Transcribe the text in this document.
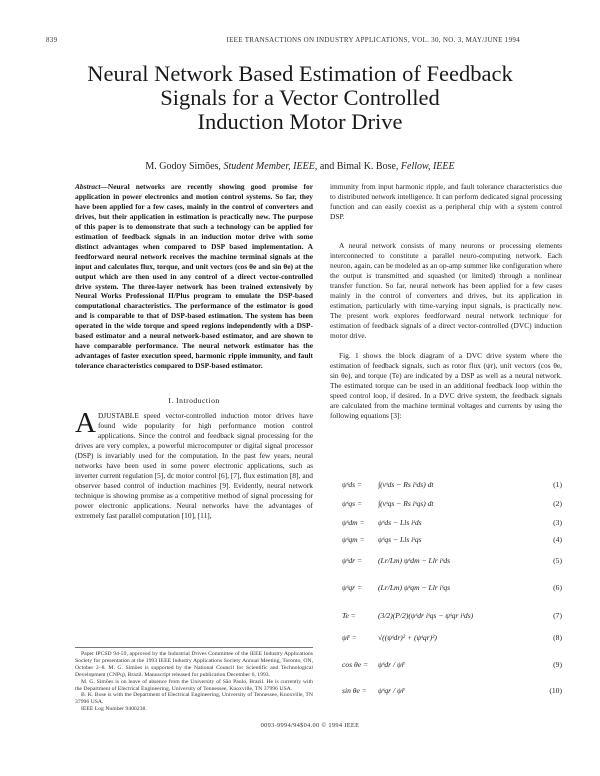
839	IEEE TRANSACTIONS ON INDUSTRY APPLICATIONS, VOL. 30, NO. 3, MAY/JUNE 1994
Neural Network Based Estimation of Feedback
Signals for a Vector Controlled
Induction Motor Drive
M. Godoy Simões, Student Member, IEEE, and Bimal K. Bose, Fellow, IEEE
Abstract—Neural networks are recently showing good promise for application in power electronics and motion control systems. So far, they have been applied for a few cases, mainly in the control of converters and drives, but their application in estimation is practically new. The purpose of this paper is to demonstrate that such a technology can be applied for estimation of feedback signals in an induction motor drive with some distinct advantages when compared to DSP based implementation. A feedforward neural network receives the machine terminal signals at the input and calculates flux, torque, and unit vectors (cos θe and sin θe) at the output which are then used in any control of a direct vector-controlled drive system. The three-layer network has been trained extensively by Neural Works Professional II/Plus program to emulate the DSP-based computational characteristics. The performance of the estimator is good and is comparable to that of DSP-based estimation. The system has been operated in the wide torque and speed regions independently with a DSP-based estimator and a neural network-based estimator, and are shown to have comparable performance. The neural network estimator has the advantages of faster execution speed, harmonic ripple immunity, and fault tolerance characteristics compared to DSP-based estimator.
I. Introduction
ADJUSTABLE speed vector-controlled induction motor drives have found wide popularity for high performance motion control applications. Since the control and feedback signal processing for the drives are very complex, a powerful microcomputer or digital signal processor (DSP) is invariably used for the computation. In the past few years, neural networks have been used in some power electronic applications, such as inverter current regulation [5], dc motor control [6], [7], flux estimation [8], and observer based control of induction machines [9]. Evidently, neural network technique is showing promise as a competitive method of signal processing for power electronic applications. Neural networks have the advantages of extremely fast parallel computation [10], [11],

Paper IPCSD 94-59, approved by the Industrial Drives Committee of the IEEE Industry Applications Society for presentation at the 1993 IEEE Industry Applications Society Annual Meeting, Toronto, ON, October 2–8. M. G. Simões is supported by the National Council for Scientific and Technological Development (CNPq), Brazil. Manuscript released for publication December 6, 1993.

M. G. Simões is on leave of absence from the University of São Paulo, Brazil. He is currently with the Department of Electrical Engineering, University of Tennessee, Knoxville, TN 37996 USA.

B. K. Bose is with the Department of Electrical Engineering, University of Tennessee, Knoxville, TN 37996 USA.

IEEE Log Number 9400238.

immunity from input harmonic ripple, and fault tolerance characteristics due to distributed network intelligence. It can perform dedicated signal processing function and can easily coexist as a peripheral chip with a system control DSP.

A neural network consists of many neurons or processing elements interconnected to constitute a parallel neuro-computing network. Each neuron, again, can be modeled as an op-amp summer like configuration where the output is transmitted and squashed (or limited) through a nonlinear transfer function. So far, neural network has been applied for a few cases mainly in the control of converters and drives, but its application in estimation, particularly with time-varying input signals, is practically new. The present work explores feedforward neural network technique for estimation of feedback signals of a direct vector-controlled (DVC) induction motor drive.

Fig. 1 shows the block diagram of a DVC drive system where the estimation of feedback signals, such as rotor flux (ψr), unit vectors (cos θe, sin θe), and torque (Te) are indicated by a DSP as well as a neural network. The estimated torque can be used in an additional feedback loop within the speed control loop, if desired. In a DVC drive system, the feedback signals are calculated from the machine terminal voltages and currents by using the following equations [3]:

ψˢds = ∫(vˢds − Rs iˢds) dt	(1)
ψˢqs = ∫(vˢqs − Rs iˢqs) dt	(2)
ψˢdm = ψˢds − Lls iˢds	(3)
ψˢqm = ψˢqs − Lls iˢqs	(4)
ψˢdr = (Lr/Lm) ψˢdm − Llr iˢds	(5)
ψˢqr = (Lr/Lm) ψˢqm − Llr iˢqs	(6)
Te =	(3/2)(P/2)(ψˢdr iˢqs − ψˢqr iˢds)	(7)
ψ̂r =	√((ψˢdr)² + (ψˢqr)²)	(8)
cos θe = ψˢdr / ψ̂r	(9)
sin θe = ψˢqr / ψ̂r	(10)
0093-9994/94$04.00 © 1994 IEEE
